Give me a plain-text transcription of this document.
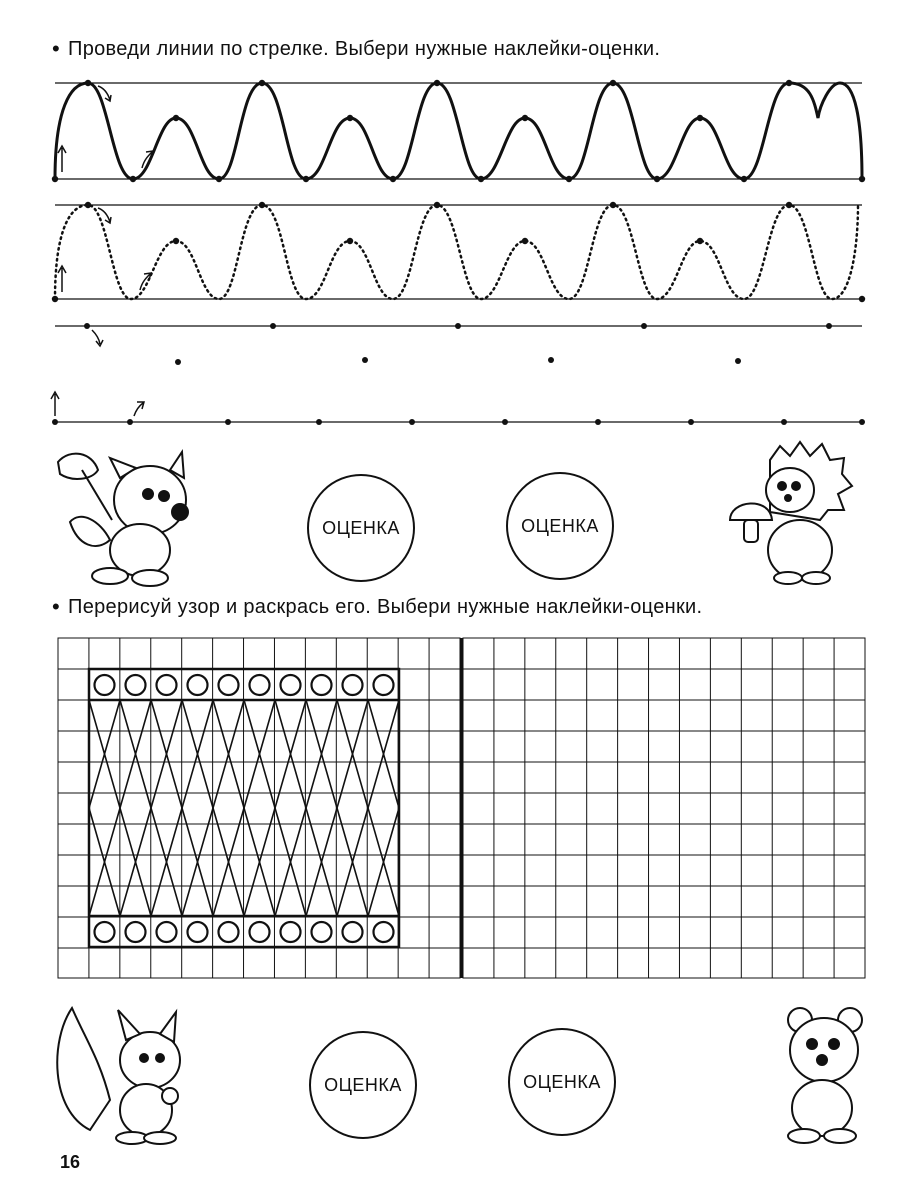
• Проведи линии по стрелке. Выбери нужные наклейки-оценки.
ОЦЕНКА	ОЦЕНКА
• Перерисуй узор и раскрась его. Выбери нужные наклейки-оценки.
ОЦЕНКА	ОЦЕНКА
16
